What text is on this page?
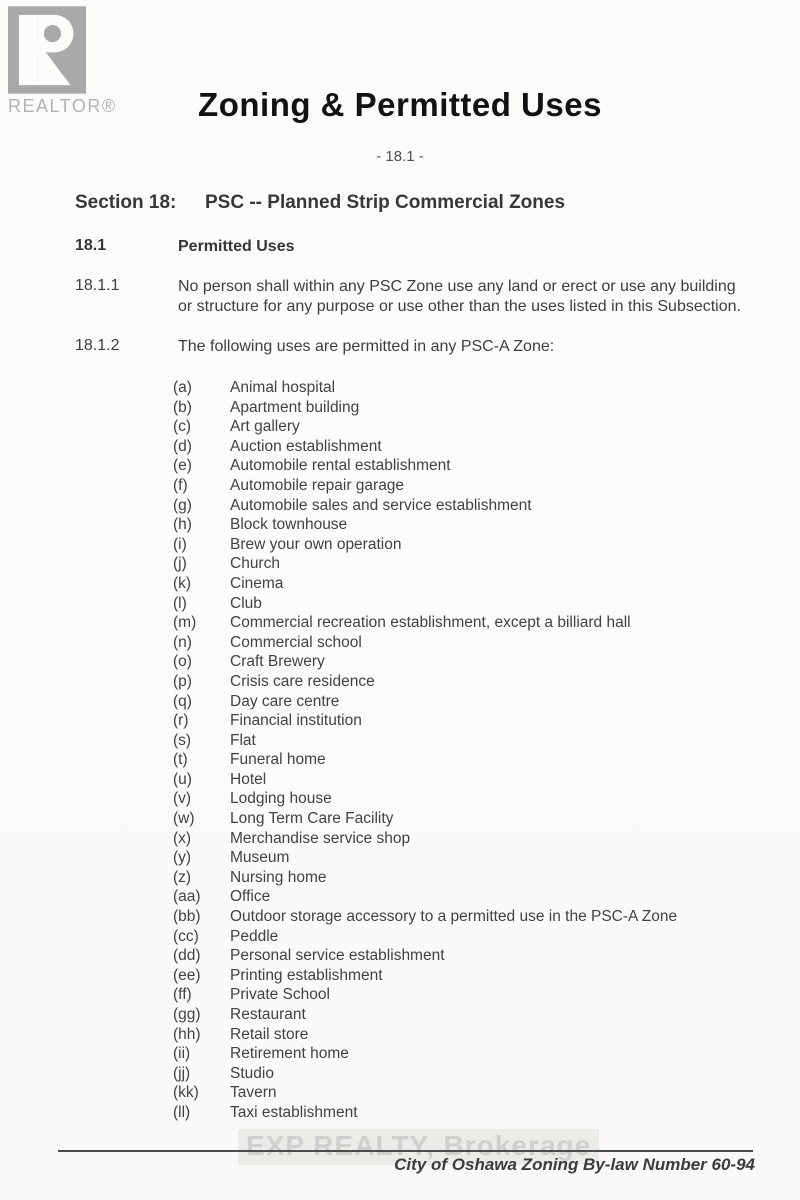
REALTOR®	Zoning & Permitted Uses
- 18.1 -
Section 18: PSC -- Planned Strip Commercial Zones
18.1	Permitted Uses
18.1.1	No person shall within any PSC Zone use any land or erect or use any building or structure for any purpose or use other than the uses listed in this Subsection.
18.1.2	The following uses are permitted in any PSC-A Zone:
(a)	Animal hospital
(b)	Apartment building
(c)	Art gallery
(d)	Auction establishment
(e)	Automobile rental establishment
(f)	Automobile repair garage
(g)	Automobile sales and service establishment
(h)	Block townhouse
(i)	Brew your own operation
(j)	Church
(k)	Cinema
(l)	Club
(m)	Commercial recreation establishment, except a billiard hall
(n)	Commercial school
(o)	Craft Brewery
(p)	Crisis care residence
(q)	Day care centre
(r)	Financial institution
(s)	Flat
(t)	Funeral home
(u)	Hotel
(v)	Lodging house
(w)	Long Term Care Facility
(x)	Merchandise service shop
(y)	Museum
(z)	Nursing home
(aa)	Office
(bb)	Outdoor storage accessory to a permitted use in the PSC-A Zone
(cc)	Peddle
(dd)	Personal service establishment
(ee)	Printing establishment
(ff)	Private School
(gg)	Restaurant
(hh)	Retail store
(ii)	Retirement home
(jj)	Studio
(kk)	Tavern
(ll)	Taxi establishment
EXP REALTY, Brokerage
City of Oshawa Zoning By-law Number 60-94
